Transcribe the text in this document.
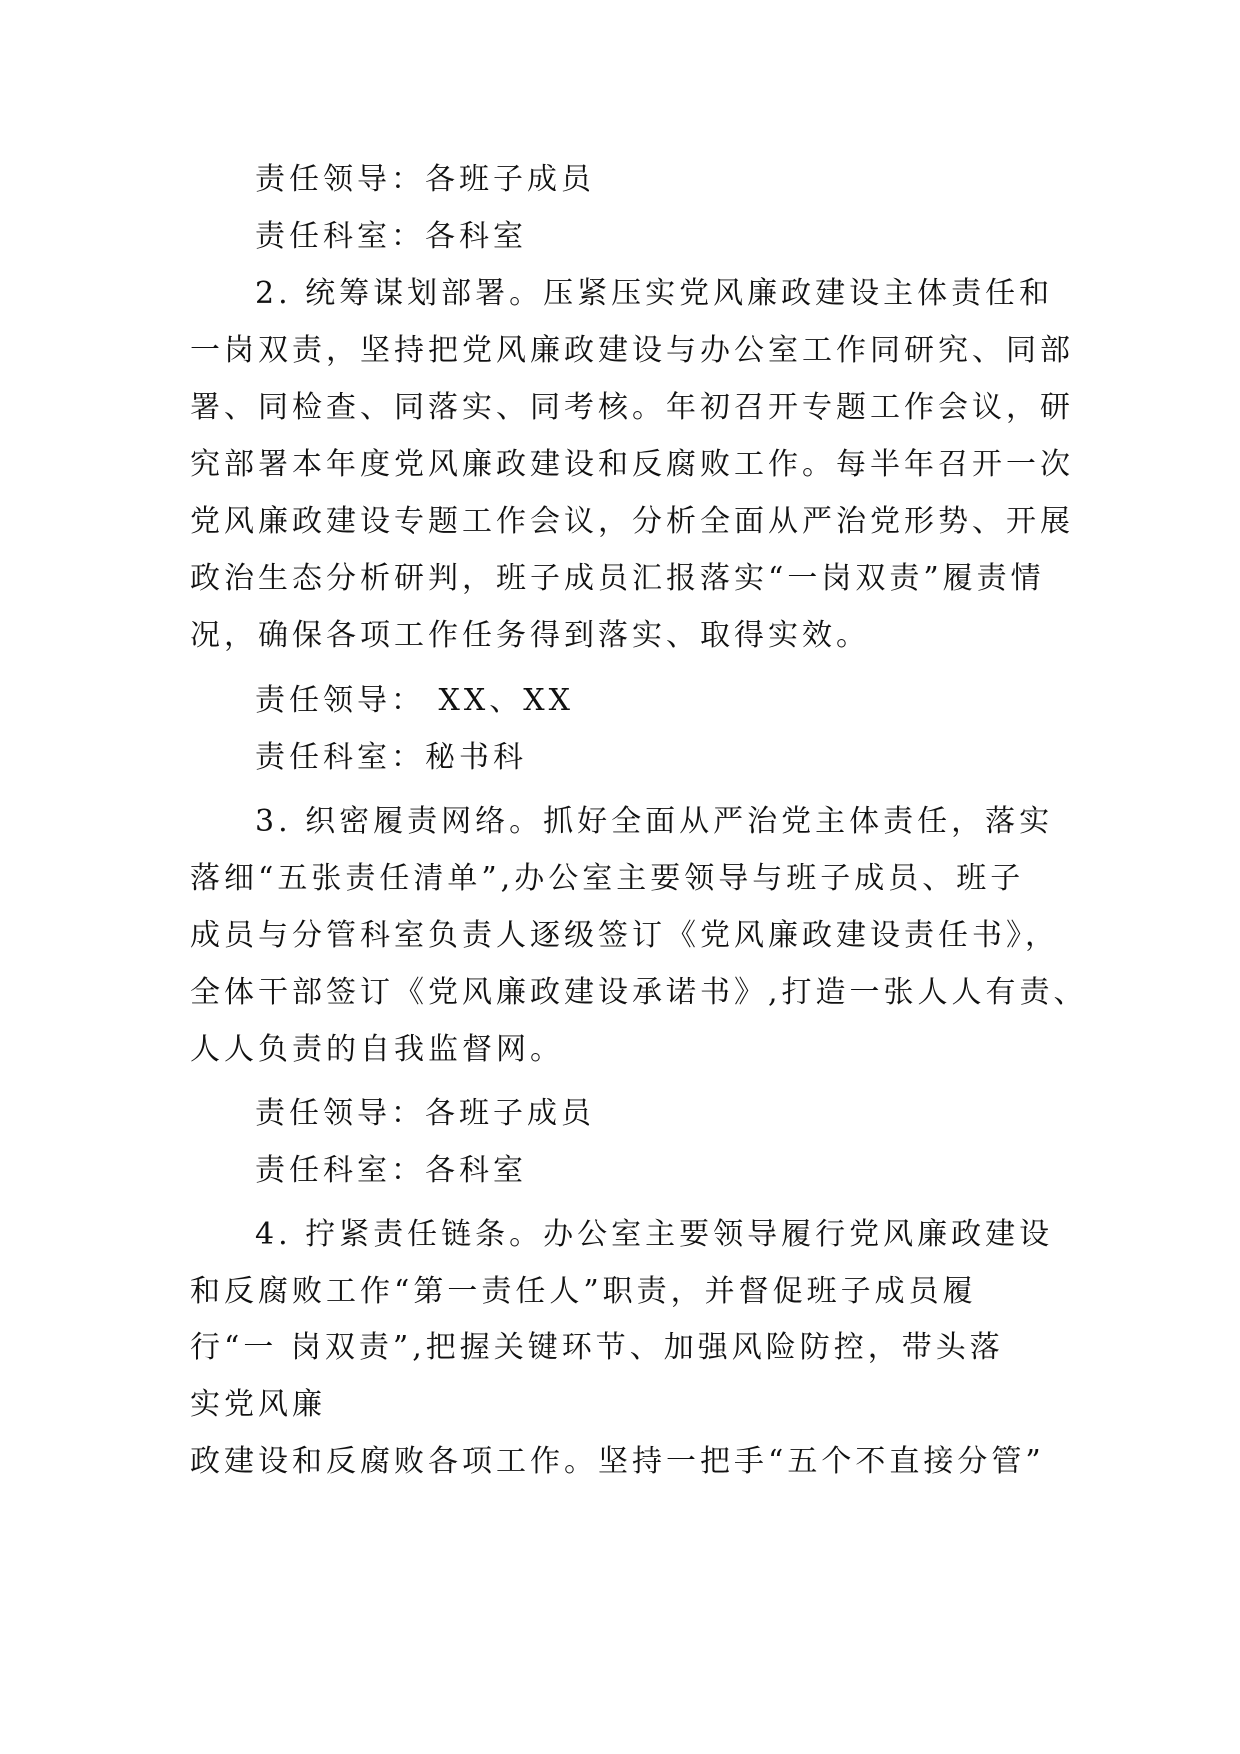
责任领导：各班子成员
责任科室：各科室
2. 统筹谋划部署。压紧压实党风廉政建设主体责任和
一岗双责，坚持把党风廉政建设与办公室工作同研究、同部
署、同检查、同落实、同考核。年初召开专题工作会议，研
究部署本年度党风廉政建设和反腐败工作。每半年召开一次
党风廉政建设专题工作会议，分析全面从严治党形势、开展
政治生态分析研判，班子成员汇报落实“一岗双责”履责情
况，确保各项工作任务得到落实、取得实效。
责任领导： XX、XX
责任科室：秘书科
3. 织密履责网络。抓好全面从严治党主体责任，落实
落细“五张责任清单”,办公室主要领导与班子成员、班子
成员与分管科室负责人逐级签订《党风廉政建设责任书》，
全体干部签订《党风廉政建设承诺书》,打造一张人人有责、
人人负责的自我监督网。
责任领导：各班子成员
责任科室：各科室
4. 拧紧责任链条。办公室主要领导履行党风廉政建设
和反腐败工作“第一责任人”职责，并督促班子成员履
行“一 岗双责”,把握关键环节、加强风险防控，带头落
实党风廉
政建设和反腐败各项工作。坚持一把手“五个不直接分管”
